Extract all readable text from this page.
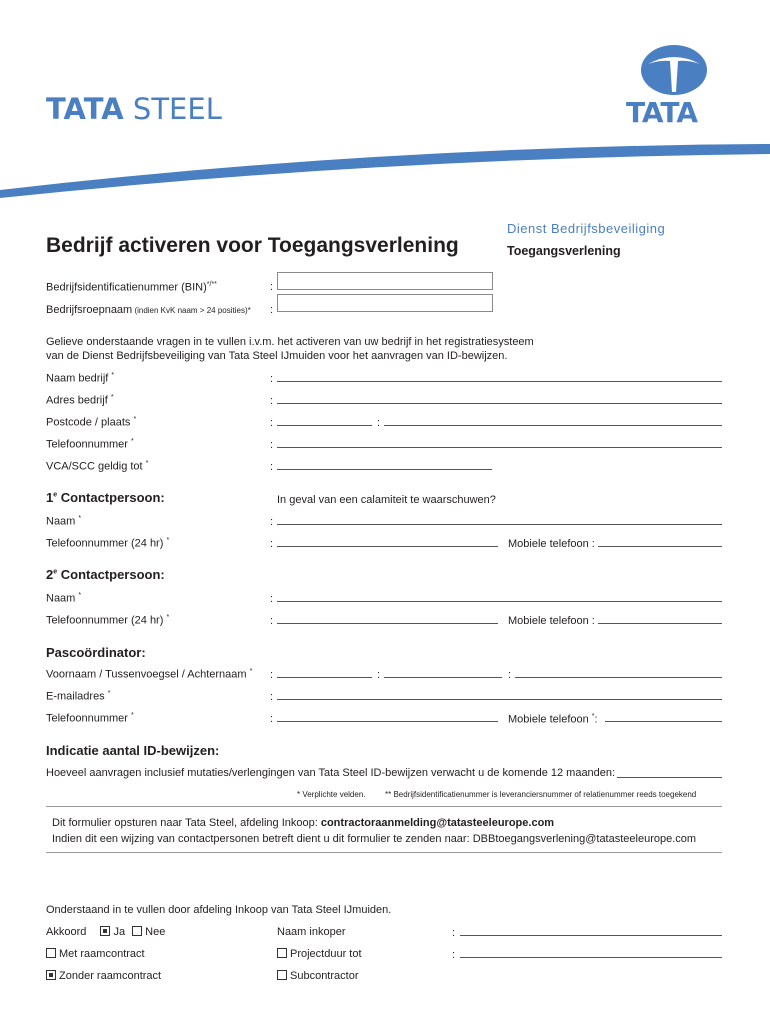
TATA STEEL	TATA
Dienst Bedrijfsbeveiliging
Toegangsverlening
Bedrijf activeren voor Toegangsverlening
Bedrijfsidentificatienummer (BIN)*/**	:
Bedrijfsroepnaam (indien KvK naam > 24 posities)* :
Gelieve onderstaande vragen in te vullen i.v.m. het activeren van uw bedrijf in het registratiesysteem
van de Dienst Bedrijfsbeveiliging van Tata Steel IJmuiden voor het aanvragen van ID-bewijzen.
Naam bedrijf *	:
Adres bedrijf *	:
Postcode / plaats *	:	:
Telefoonnummer *	:
VCA/SCC geldig tot *	:
1e Contactpersoon:	In geval van een calamiteit te waarschuwen?
Naam *	:
Telefoonnummer (24 hr) *	:	Mobiele telefoon :
2e Contactpersoon:
Naam *	:
Telefoonnummer (24 hr) *	:	Mobiele telefoon :
Pascoördinator:
Voornaam / Tussenvoegsel / Achternaam * :	:	:
E-mailadres *	:
Telefoonnummer *	:	Mobiele telefoon *:
Indicatie aantal ID-bewijzen:
Hoeveel aanvragen inclusief mutaties/verlengingen van Tata Steel ID-bewijzen verwacht u de komende 12 maanden:
* Verplichte velden. ** Bedrijfsidentificatienummer is leveranciersnummer of relatienummer reeds toegekend
Dit formulier opsturen naar Tata Steel, afdeling Inkoop: contractoraanmelding@tatasteeleurope.com
Indien dit een wijzing van contactpersonen betreft dient u dit formulier te zenden naar: DBBtoegangsverlening@tatasteeleurope.com
Onderstaand in te vullen door afdeling Inkoop van Tata Steel IJmuiden.
Akkoord Ja Nee
Met raamcontract
Zonder raamcontract
Naam inkoper	:
Projectduur tot	:
Subcontractor
